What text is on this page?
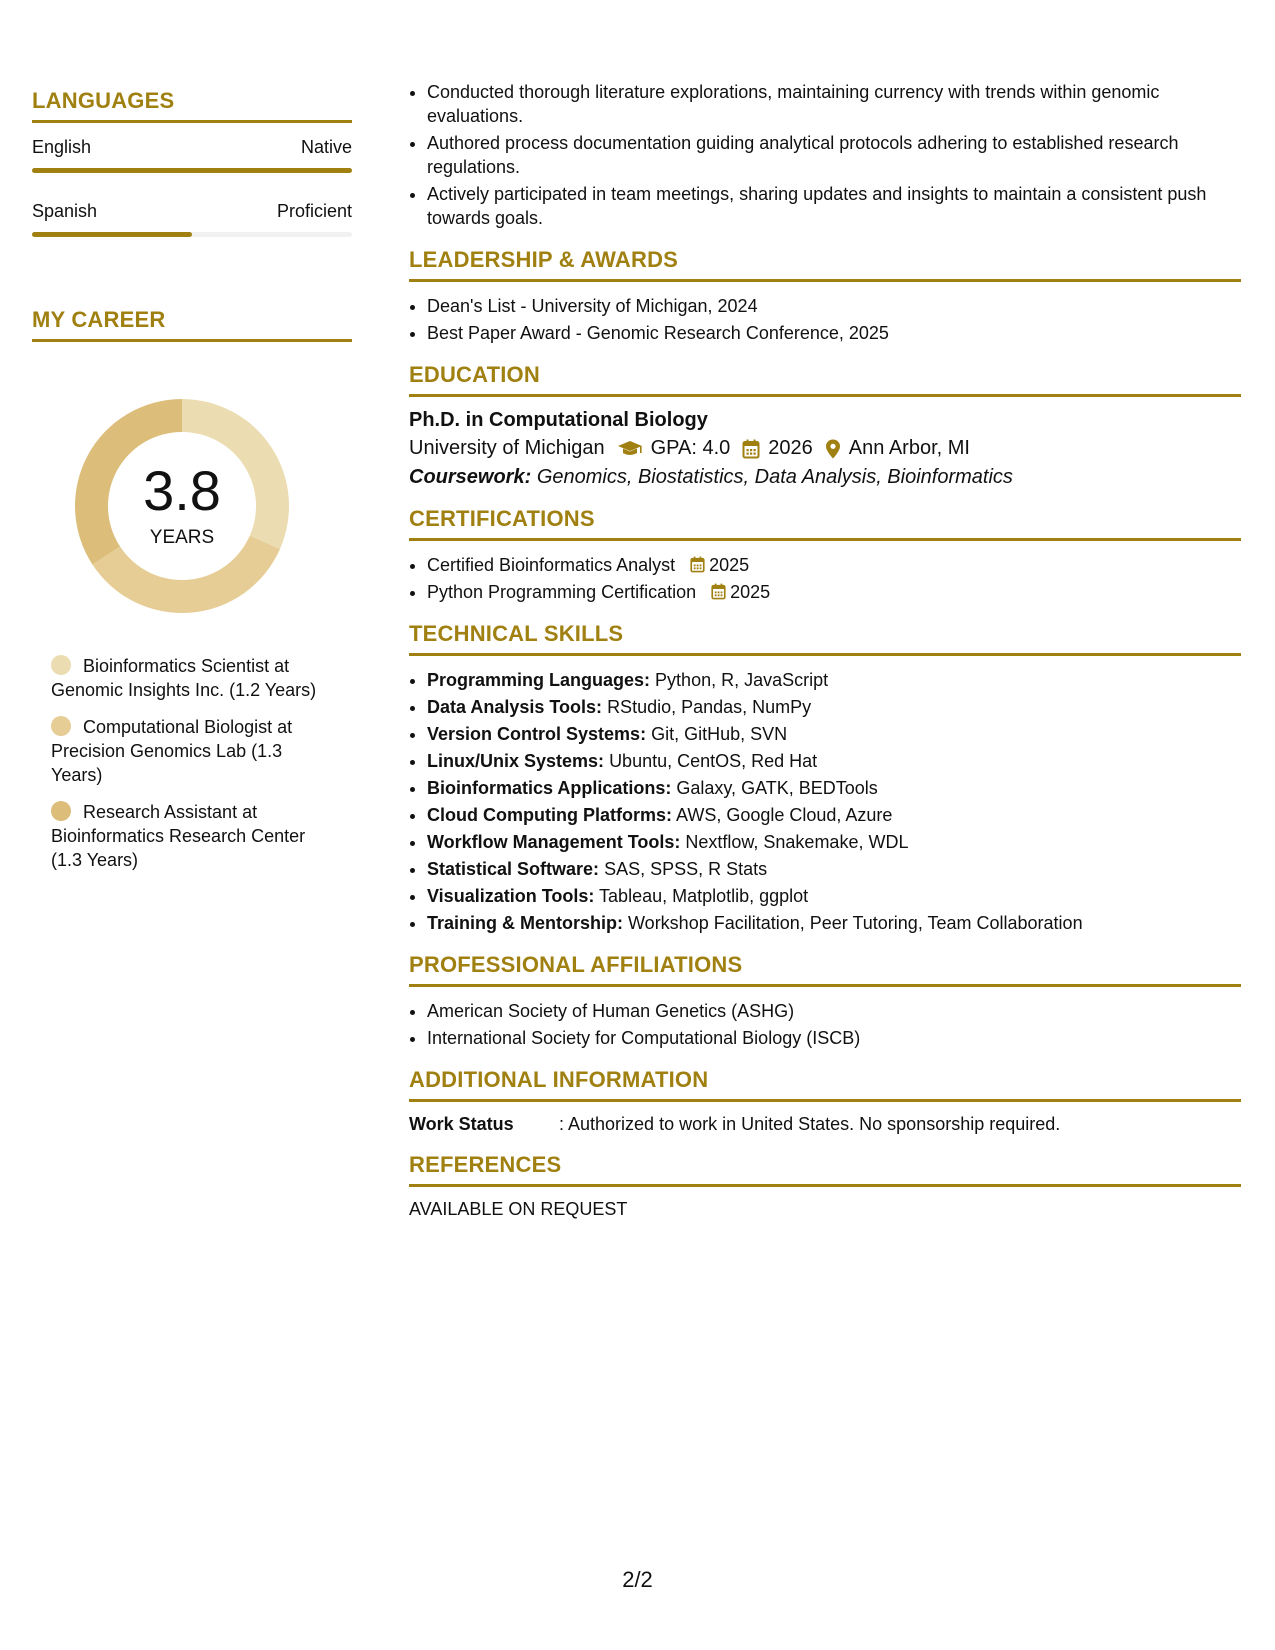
LANGUAGES
English	Native
Spanish	Proficient
MY CAREER
3.8
YEARS
Bioinformatics Scientist at Genomic Insights Inc. (1.2 Years)
Computational Biologist at Precision Genomics Lab (1.3 Years)
Research Assistant at Bioinformatics Research Center (1.3 Years)
• Conducted thorough literature explorations, maintaining currency with trends within genomic evaluations.
• Authored process documentation guiding analytical protocols adhering to established research regulations.
• Actively participated in team meetings, sharing updates and insights to maintain a consistent push towards goals.
LEADERSHIP & AWARDS
• Dean's List - University of Michigan, 2024
• Best Paper Award - Genomic Research Conference, 2025
EDUCATION
Ph.D. in Computational Biology
University of Michigan GPA: 4.0 2026 Ann Arbor, MI
Coursework: Genomics, Biostatistics, Data Analysis, Bioinformatics
CERTIFICATIONS
• Certified Bioinformatics Analyst 2025
• Python Programming Certification 2025
TECHNICAL SKILLS
• Programming Languages: Python, R, JavaScript
• Data Analysis Tools: RStudio, Pandas, NumPy
• Version Control Systems: Git, GitHub, SVN
• Linux/Unix Systems: Ubuntu, CentOS, Red Hat
• Bioinformatics Applications: Galaxy, GATK, BEDTools
• Cloud Computing Platforms: AWS, Google Cloud, Azure
• Workflow Management Tools: Nextflow, Snakemake, WDL
• Statistical Software: SAS, SPSS, R Stats
• Visualization Tools: Tableau, Matplotlib, ggplot
• Training & Mentorship: Workshop Facilitation, Peer Tutoring, Team Collaboration
PROFESSIONAL AFFILIATIONS
• American Society of Human Genetics (ASHG)
• International Society for Computational Biology (ISCB)
ADDITIONAL INFORMATION
Work Status	: Authorized to work in United States. No sponsorship required.
REFERENCES
AVAILABLE ON REQUEST
2/2
